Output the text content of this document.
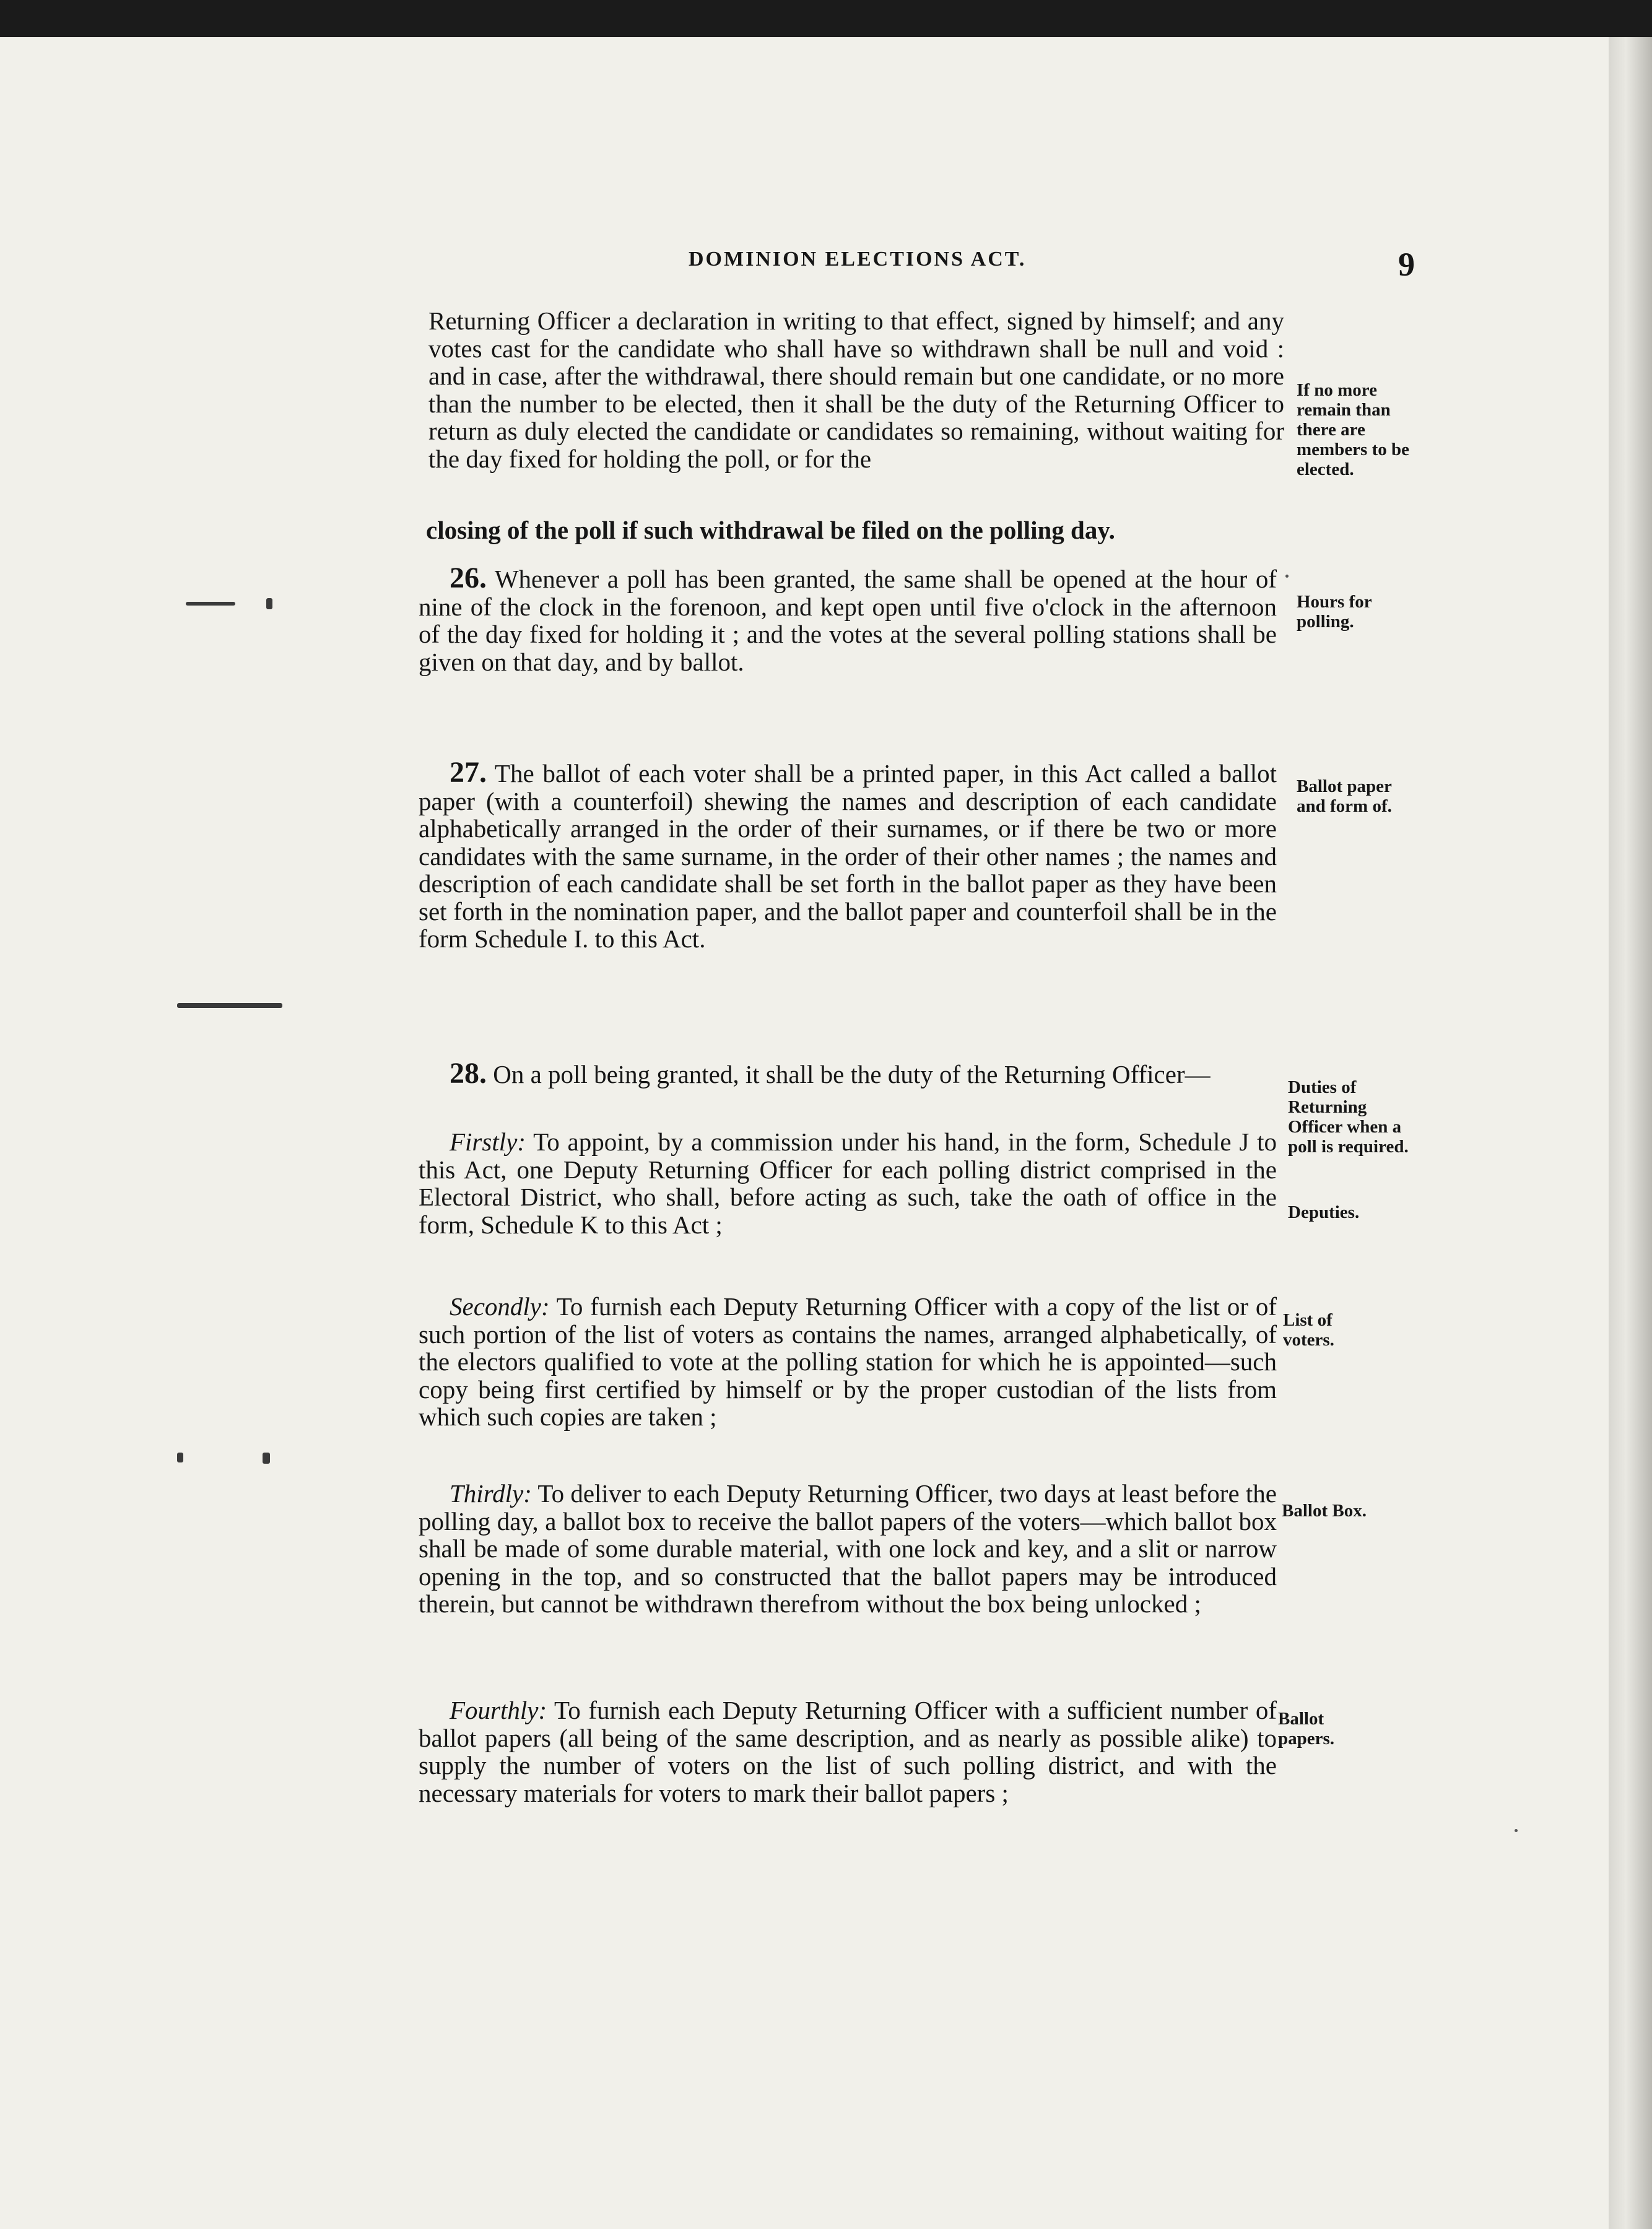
DOMINION ELECTIONS ACT.	9

Returning Officer a declaration in writing to that effect, signed by himself; and any votes cast for the candidate who shall have so withdrawn shall be null and void : and in case, after the withdrawal, there should remain but one candidate, or no more than the number to be elected, then it shall be the duty of the Returning Officer to return as duly elected the candidate or candidates so remaining, without waiting for the day fixed for holding the poll, or for the

closing of the poll if such withdrawal be filed on the polling day.

26. Whenever a poll has been granted, the same shall be opened at the hour of nine of the clock in the forenoon, and kept open until five o'clock in the afternoon of the day fixed for holding it ; and the votes at the several polling stations shall be given on that day, and by ballot.

27. The ballot of each voter shall be a printed paper, in this Act called a ballot paper (with a counterfoil) shewing the names and description of each candidate alphabetically arranged in the order of their surnames, or if there be two or more candidates with the same surname, in the order of their other names ; the names and description of each candidate shall be set forth in the ballot paper as they have been set forth in the nomination paper, and the ballot paper and counterfoil shall be in the form Schedule I. to this Act.

28. On a poll being granted, it shall be the duty of the Returning Officer—

Firstly: To appoint, by a commission under his hand, in the form, Schedule J to this Act, one Deputy Returning Officer for each polling district comprised in the Electoral District, who shall, before acting as such, take the oath of office in the form, Schedule K to this Act ;

Secondly: To furnish each Deputy Returning Officer with a copy of the list or of such portion of the list of voters as contains the names, arranged alphabetically, of the electors qualified to vote at the polling station for which he is appointed—such copy being first certified by himself or by the proper custodian of the lists from which such copies are taken ;

Thirdly: To deliver to each Deputy Returning Officer, two days at least before the polling day, a ballot box to receive the ballot papers of the voters—which ballot box shall be made of some durable material, with one lock and key, and a slit or narrow opening in the top, and so constructed that the ballot papers may be introduced therein, but cannot be withdrawn therefrom without the box being unlocked ;

Fourthly: To furnish each Deputy Returning Officer with a sufficient number of ballot papers (all being of the same description, and as nearly as possible alike) to supply the number of voters on the list of such polling district, and with the necessary materials for voters to mark their ballot papers ;

If no more remain than there are members to be elected.

Hours for polling.

Ballot paper and form of.

Duties of Returning Officer when a poll is required.

Deputies.

List of voters.

Ballot Box.

Ballot papers.
